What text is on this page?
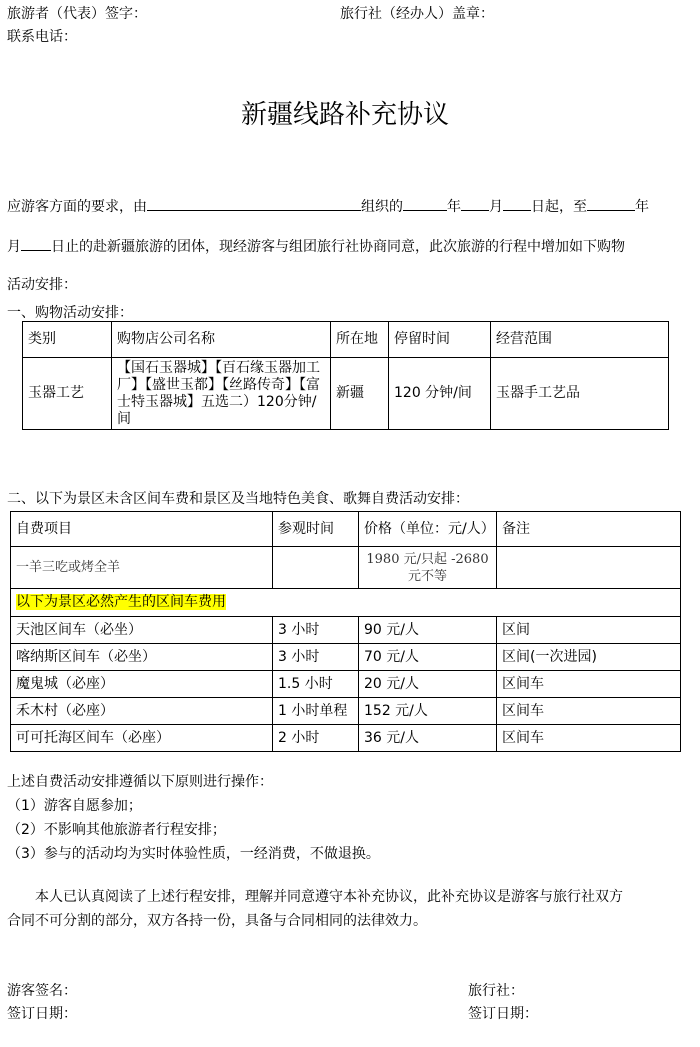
旅游者（代表）签字：	旅行社（经办人）盖章：
联系电话：
新疆线路补充协议
应游客方面的要求，由	组织的	年 月 日起，至	年
月 日止的赴新疆旅游的团体，现经游客与组团旅行社协商同意，此次旅游的行程中增加如下购物
活动安排：
一、购物活动安排：
类别	购物店公司名称	所在地	停留时间	经营范围
玉器工艺	【国石玉器城】【百石缘玉器加工厂】【盛世玉都】【丝路传奇】【富士特玉器城】五选二）120分钟/间	新疆	120 分钟/间	玉器手工艺品
二、以下为景区未含区间车费和景区及当地特色美食、歌舞自费活动安排：
自费项目	参观时间	价格（单位：元/人）	备注
一羊三吃或烤全羊		1980 元/只起 -2680 元不等	
以下为景区必然产生的区间车费用			
天池区间车（必坐）	3 小时	90 元/人	区间
喀纳斯区间车（必坐）	3 小时	70 元/人	区间(一次进园)
魔鬼城（必座）	1.5 小时	20 元/人	区间车
禾木村（必座）	1 小时单程	152 元/人	区间车
可可托海区间车（必座）	2 小时	36 元/人	区间车
上述自费活动安排遵循以下原则进行操作：
（1）游客自愿参加；
（2）不影响其他旅游者行程安排；
（3）参与的活动均为实时体验性质，一经消费，不做退换。
本人已认真阅读了上述行程安排，理解并同意遵守本补充协议，此补充协议是游客与旅行社双方
合同不可分割的部分，双方各持一份，具备与合同相同的法律效力。
游客签名：	旅行社：
签订日期：	签订日期：
